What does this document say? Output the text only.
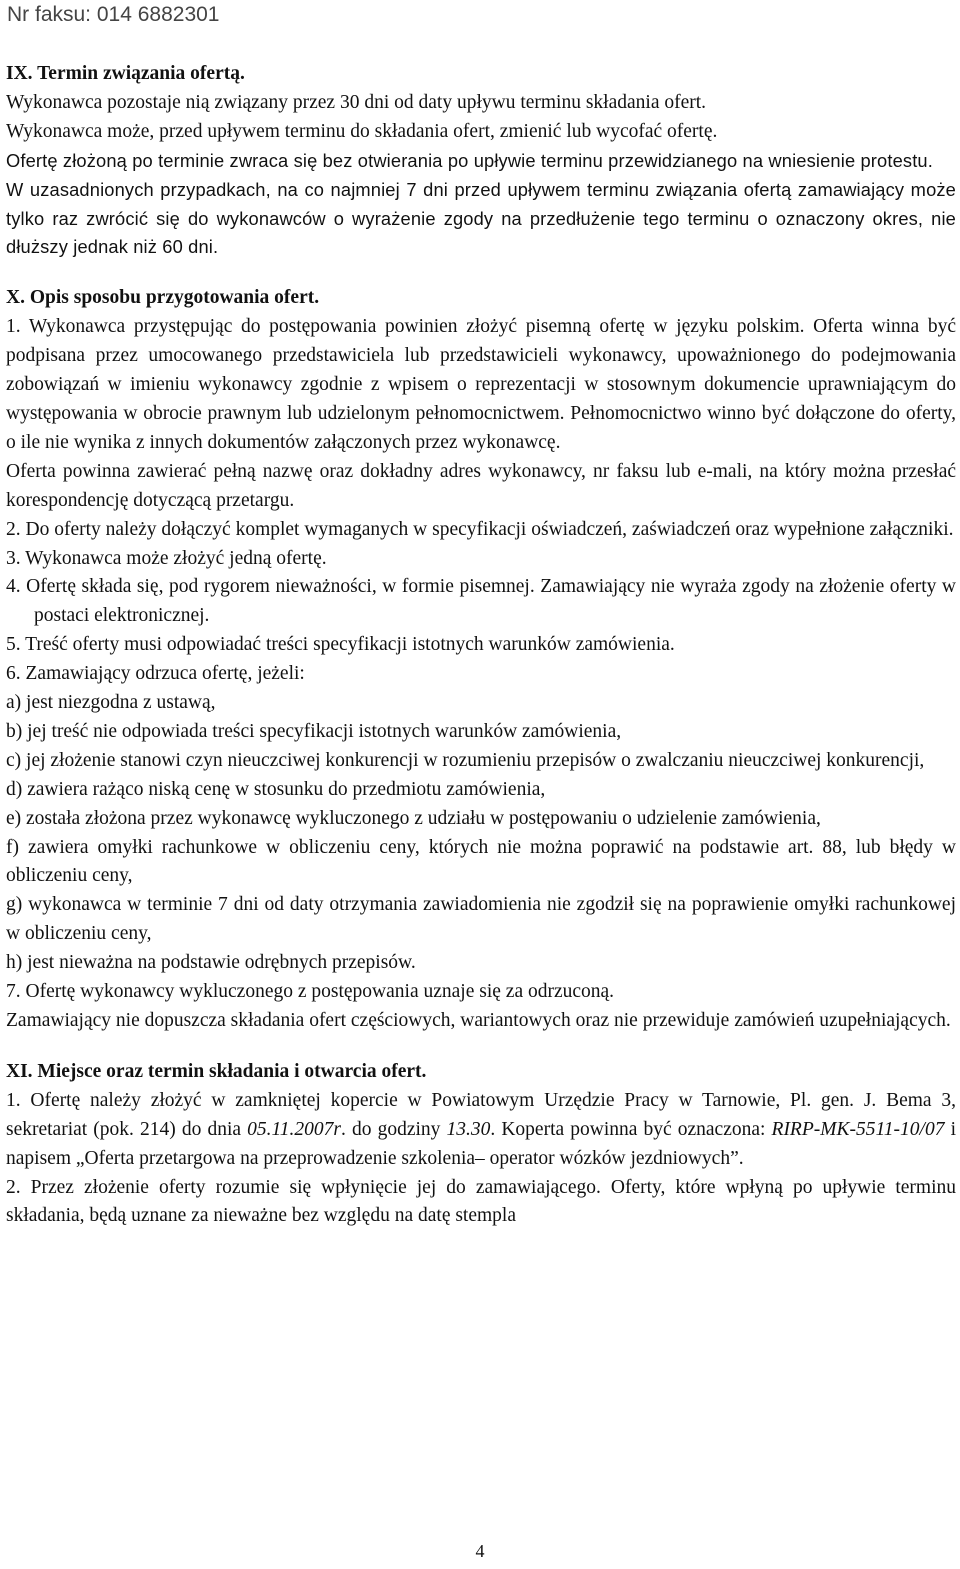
Nr faksu: 014 6882301

IX. Termin związania ofertą.

Wykonawca pozostaje nią związany przez 30 dni od daty upływu terminu składania ofert.

Wykonawca może, przed upływem terminu do składania ofert, zmienić lub wycofać ofertę.

Ofertę złożoną po terminie zwraca się bez otwierania po upływie terminu przewidzianego na wniesienie protestu.

W uzasadnionych przypadkach, na co najmniej 7 dni przed upływem terminu związania ofertą zamawiający może tylko raz zwrócić się do wykonawców o wyrażenie zgody na przedłużenie tego terminu o oznaczony okres, nie dłuższy jednak niż 60 dni.

X. Opis sposobu przygotowania ofert.

1. Wykonawca przystępując do postępowania powinien złożyć pisemną ofertę w języku polskim. Oferta winna być podpisana przez umocowanego przedstawiciela lub przedstawicieli wykonawcy, upoważnionego do podejmowania zobowiązań w imieniu wykonawcy zgodnie z wpisem o reprezentacji w stosownym dokumencie uprawniającym do występowania w obrocie prawnym lub udzielonym pełnomocnictwem. Pełnomocnictwo winno być dołączone do oferty, o ile nie wynika z innych dokumentów załączonych przez wykonawcę.

Oferta powinna zawierać pełną nazwę oraz dokładny adres wykonawcy, nr faksu lub e-mali, na który można przesłać korespondencję dotyczącą przetargu.

2. Do oferty należy dołączyć komplet wymaganych w specyfikacji oświadczeń, zaświadczeń oraz wypełnione załączniki.

3. Wykonawca może złożyć jedną ofertę.

4. Ofertę składa się, pod rygorem nieważności, w formie pisemnej. Zamawiający nie wyraża zgody na złożenie oferty w postaci elektronicznej.

5. Treść oferty musi odpowiadać treści specyfikacji istotnych warunków zamówienia.

6. Zamawiający odrzuca ofertę, jeżeli:

a) jest niezgodna z ustawą,

b) jej treść nie odpowiada treści specyfikacji istotnych warunków zamówienia,

c) jej złożenie stanowi czyn nieuczciwej konkurencji w rozumieniu przepisów o zwalczaniu nieuczciwej konkurencji,

d) zawiera rażąco niską cenę w stosunku do przedmiotu zamówienia,

e) została złożona przez wykonawcę wykluczonego z udziału w postępowaniu o udzielenie zamówienia,

f) zawiera omyłki rachunkowe w obliczeniu ceny, których nie można poprawić na podstawie art. 88, lub błędy w obliczeniu ceny,

g) wykonawca w terminie 7 dni od daty otrzymania zawiadomienia nie zgodził się na poprawienie omyłki rachunkowej w obliczeniu ceny,

h) jest nieważna na podstawie odrębnych przepisów.

7. Ofertę wykonawcy wykluczonego z postępowania uznaje się za odrzuconą.

Zamawiający nie dopuszcza składania ofert częściowych, wariantowych oraz nie przewiduje zamówień uzupełniających.

XI. Miejsce oraz termin składania i otwarcia ofert.

1. Ofertę należy złożyć w zamkniętej kopercie w Powiatowym Urzędzie Pracy w Tarnowie, Pl. gen. J. Bema 3, sekretariat (pok. 214) do dnia 05.11.2007r. do godziny 13.30. Koperta powinna być oznaczona: RIRP-MK-5511-10/07 i napisem „Oferta przetargowa na przeprowadzenie szkolenia– operator wózków jezdniowych”.

2. Przez złożenie oferty rozumie się wpłynięcie jej do zamawiającego. Oferty, które wpłyną po upływie terminu składania, będą uznane za nieważne bez względu na datę stempla

4
